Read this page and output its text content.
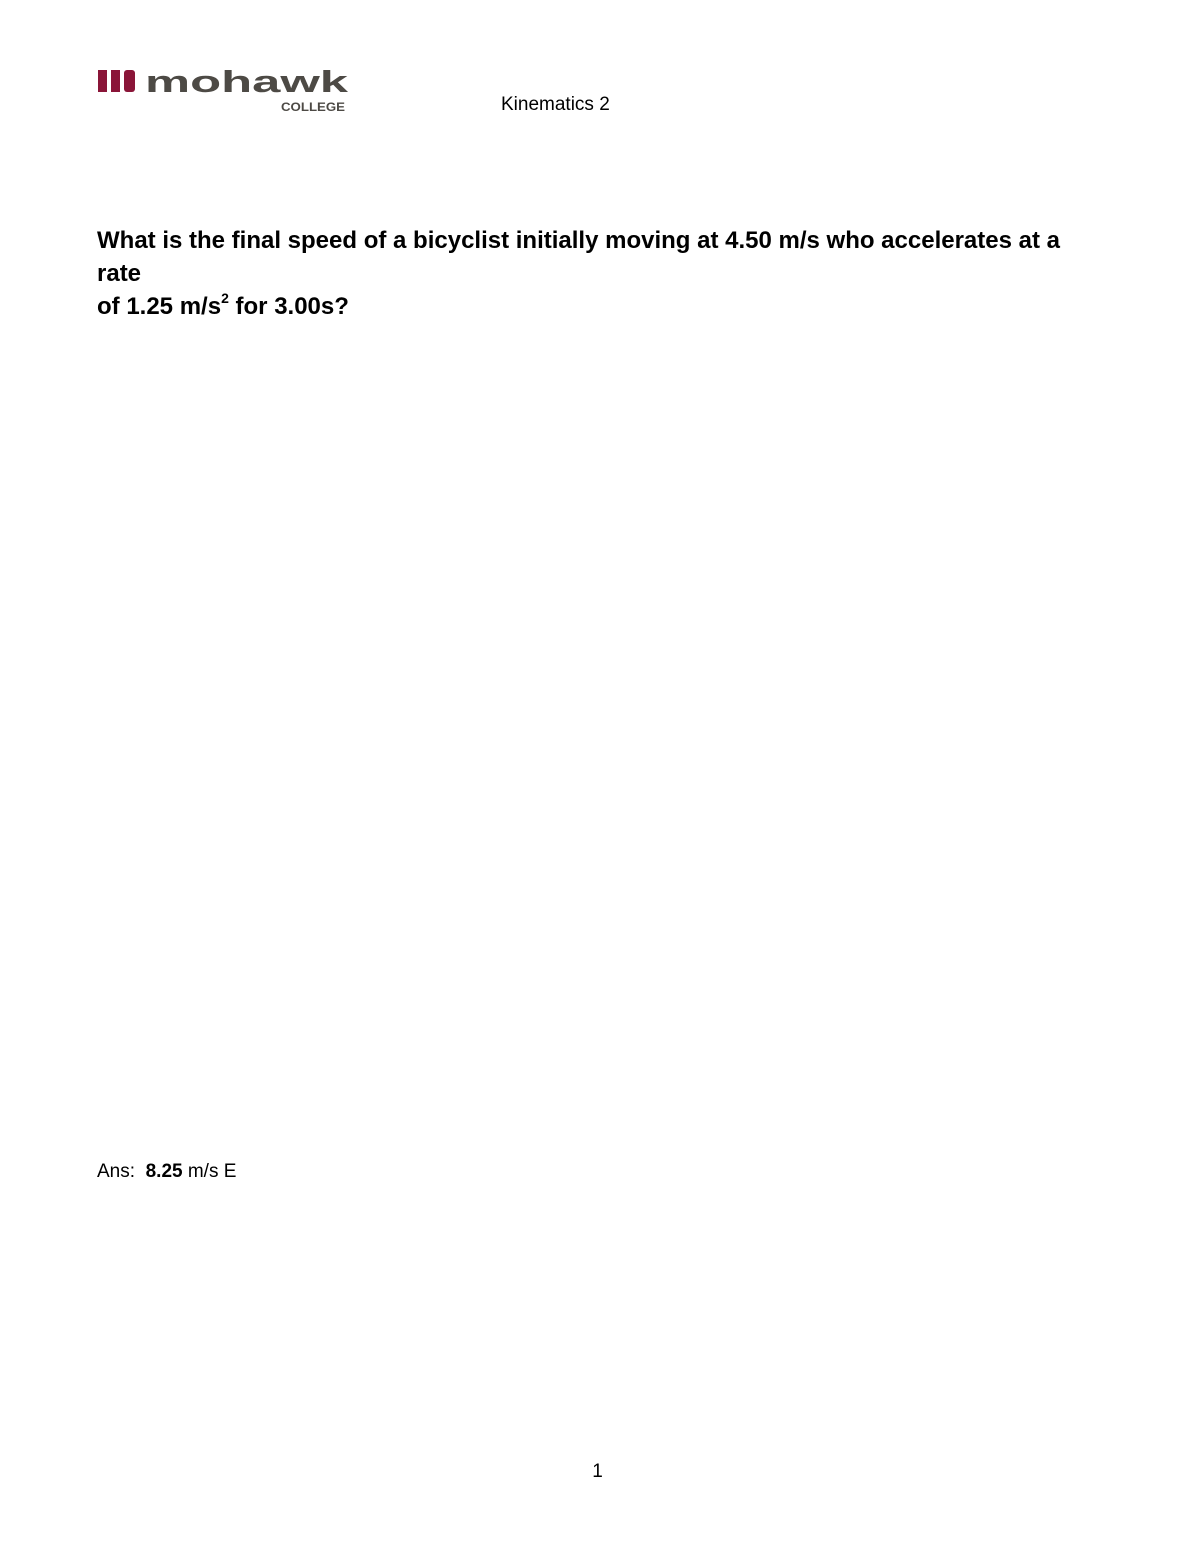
mohawk
COLLEGE	Kinematics 2
What is the final speed of a bicyclist initially moving at 4.50 m/s who accelerates at a rate
of 1.25 $m/s^2$ for 3.00s?
Ans: 8.25 m/s E
1
